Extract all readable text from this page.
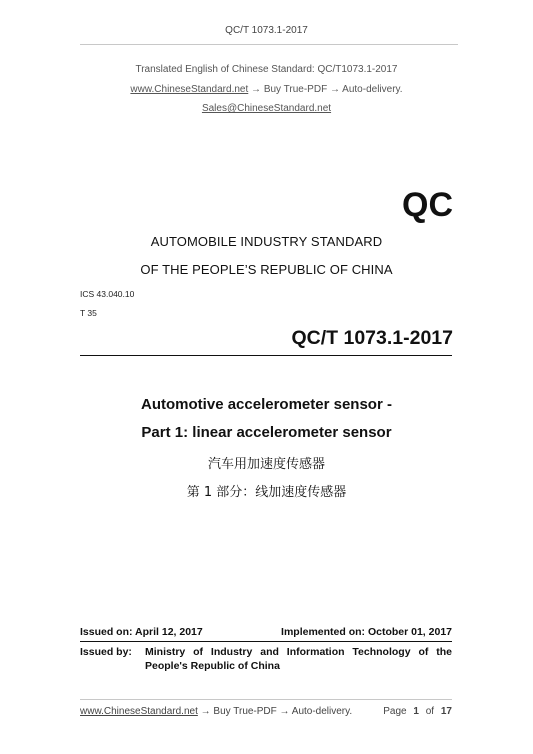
QC/T 1073.1-2017
Translated English of Chinese Standard: QC/T1073.1-2017
www.ChineseStandard.net → Buy True-PDF → Auto-delivery.
Sales@ChineseStandard.net
QC
AUTOMOBILE INDUSTRY STANDARD
OF THE PEOPLE’S REPUBLIC OF CHINA
ICS 43.040.10
T 35
QC/T 1073.1-2017
Automotive accelerometer sensor -
Part 1: linear accelerometer sensor
汽车用加速度传感器
第 1 部分：线加速度传感器
Issued on: April 12, 2017	Implemented on: October 01, 2017
Issued by: Ministry of Industry and Information Technology of the
People's Republic of China
www.ChineseStandard.net → Buy True-PDF → Auto-delivery.	Page 1 of 17
